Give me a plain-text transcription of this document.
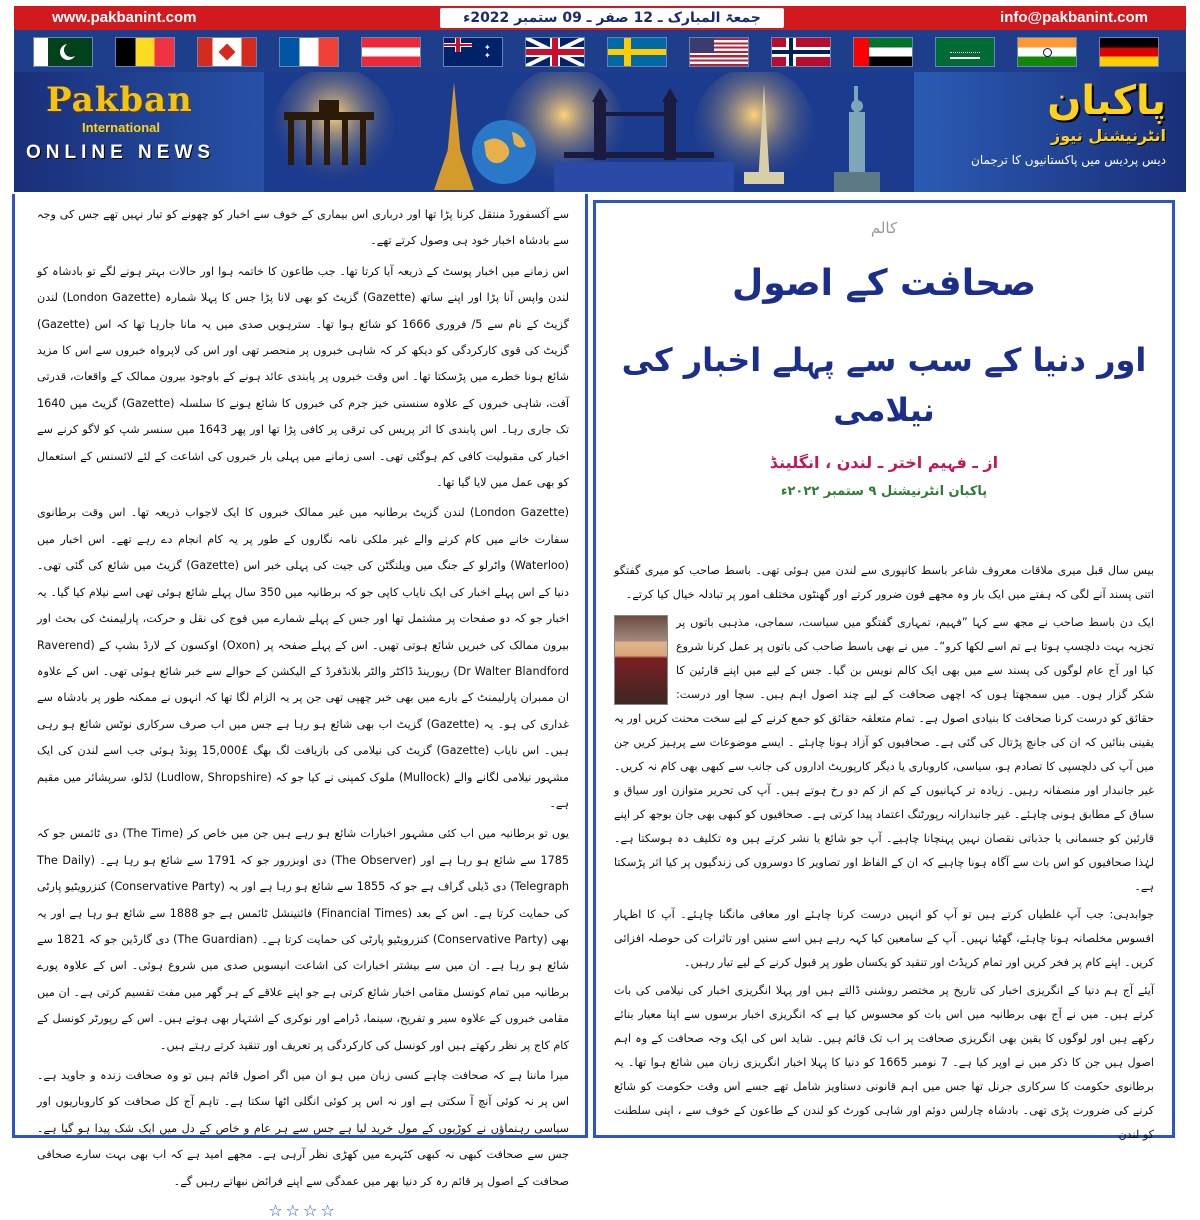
www.pakbanint.com	جمعۃ المبارک ـ 12 صفر ـ 09 ستمبر 2022ء	info@pakbanint.com
✦
✦
Pakban
International
ONLINE NEWS
پاکبان
انٹرنیشنل نیوز
دیس پردیس میں پاکستانیوں کا ترجمان

سے آکسفورڈ منتقل کرنا پڑا تھا اور درباری اس بیماری کے خوف سے اخبار کو چھونے کو تیار نہیں تھے جس کی وجہ سے بادشاہ اخبار خود ہی وصول کرتے تھے۔

اس زمانے میں اخبار پوسٹ کے ذریعہ آیا کرتا تھا۔ جب طاعون کا خاتمہ ہوا اور حالات بہتر ہونے لگے تو بادشاہ کو لندن واپس آنا پڑا اور اپنے ساتھ (Gazette) گزیٹ کو بھی لانا پڑا جس کا پہلا شمارہ (London Gazette) لندن گزیٹ کے نام سے 5/ فروری 1666 کو شائع ہوا تھا۔ سترہویں صدی میں یہ مانا جارہا تھا کہ اس (Gazette) گزیٹ کی قوی کارکردگی کو دیکھ کر کہ شاہی خبروں پر منحصر تھی اور اس کی لاپرواہ خبروں سے اس کا مزید شائع ہونا خطرے میں پڑسکتا تھا۔ اس وقت خبروں پر پابندی عائد ہونے کے باوجود بیرون ممالک کے واقعات، قدرتی آفت، شاہی خبروں کے علاوہ سنسنی خیز جرم کی خبروں کا شائع ہونے کا سلسلہ (Gazette) گزیٹ میں 1640 تک جاری رہا۔ اس پابندی کا اثر پریس کی ترقی پر کافی پڑا تھا اور پھر 1643 میں سنسر شپ کو لاگو کرنے سے اخبار کی مقبولیت کافی کم ہوگئی تھی۔ اسی زمانے میں پہلی بار خبروں کی اشاعت کے لئے لائسنس کے استعمال کو بھی عمل میں لایا گیا تھا۔

(London Gazette) لندن گزیٹ برطانیہ میں غیر ممالک خبروں کا ایک لاجواب ذریعہ تھا۔ اس وقت برطانوی سفارت خانے میں کام کرنے والے غیر ملکی نامہ نگاروں کے طور پر یہ کام انجام دے رہے تھے۔ اس اخبار میں (Waterloo) واٹرلو کے جنگ میں ویلنگٹن کی جیت کی پہلی خبر اس (Gazette) گزیٹ میں شائع کی گئی تھی۔ دنیا کے اس پہلے اخبار کی ایک نایاب کاپی جو کہ برطانیہ میں 350 سال پہلے شائع ہوئی تھی اسے نیلام کیا گیا۔ یہ اخبار جو کہ دو صفحات پر مشتمل تھا اور جس کے پہلے شمارے میں فوج کی نقل و حرکت، پارلیمنٹ کی بحث اور بیرون ممالک کی خبریں شائع ہوتی تھیں۔ اس کے پہلے صفحہ پر (Oxon) اوکسون کے لارڈ بشپ کے (Raverend Dr Walter Blandford) ریورینڈ ڈاکٹر والٹر بلانڈفرڈ کے الیکشن کے حوالے سے خبر شائع ہوئی تھی۔ اس کے علاوہ ان ممبران پارلیمنٹ کے بارے میں بھی خبر چھپی تھی جن پر یہ الزام لگا تھا کہ انہوں نے ممکنہ طور پر بادشاہ سے غداری کی ہو۔ یہ (Gazette) گزیٹ اب بھی شائع ہو رہا ہے جس میں اب صرف سرکاری نوٹس شائع ہو رہی ہیں۔ اس نایاب (Gazette) گزیٹ کی نیلامی کی بازیافت لگ بھگ £15,000 پونڈ ہوئی جب اسے لندن کی ایک مشہور نیلامی لگانے والے (Mullock) ملوک کمپنی نے کیا جو کہ (Ludlow, Shropshire) لڈلو، سرپشائر میں مقیم ہے۔

یوں تو برطانیہ میں اب کئی مشہور اخبارات شائع ہو رہے ہیں جن میں خاص کر (The Time) دی ٹائمس جو کہ 1785 سے شائع ہو رہا ہے اور (The Observer) دی اوبزرور جو کہ 1791 سے شائع ہو رہا ہے۔ (The Daily Telegraph) دی ڈیلی گراف ہے جو کہ 1855 سے شائع ہو رہا ہے اور یہ (Conservative Party) کنزرویٹیو پارٹی کی حمایت کرتا ہے۔ اس کے بعد (Financial Times) فائنینشل ٹائمس ہے جو 1888 سے شائع ہو رہا ہے اور یہ بھی (Conservative Party) کنزرویٹیو پارٹی کی حمایت کرتا ہے۔ (The Guardian) دی گارڈین جو کہ 1821 سے شائع ہو رہا ہے۔ ان میں سے بیشتر اخبارات کی اشاعت انیسویں صدی میں شروع ہوئی۔ اس کے علاوہ پورے برطانیہ میں تمام کونسل مقامی اخبار شائع کرتی ہے جو اپنے علاقے کے ہر گھر میں مفت تقسیم کرتی ہے۔ ان میں مقامی خبروں کے علاوہ سیر و تفریح، سینما، ڈرامے اور نوکری کے اشتہار بھی ہوتے ہیں۔ اس کے رپورٹر کونسل کے کام کاج پر نظر رکھتے ہیں اور کونسل کی کارکردگی پر تعریف اور تنقید کرتے رہتے ہیں۔

میرا ماننا ہے کہ صحافت چاہے کسی زبان میں ہو ان میں اگر اصول قائم ہیں تو وہ صحافت زندہ و جاوید ہے۔ اس پر نہ کوئی آنچ آ سکتی ہے اور نہ اس پر کوئی انگلی اٹھا سکتا ہے۔ تاہم آج کل صحافت کو کاروباریوں اور سیاسی رہنماؤں نے کوڑیوں کے مول خرید لیا ہے جس سے ہر عام و خاص کے دل میں ایک شک پیدا ہو گیا ہے۔ جس سے صحافت کبھی نہ کبھی کٹہرے میں کھڑی نظر آرہی ہے۔ مجھے امید ہے کہ اب بھی بہت سارے صحافی صحافت کے اصول پر قائم رہ کر دنیا بھر میں عمدگی سے اپنے فرائض نبھاتے رہیں گے۔

☆☆☆☆
کالم
صحافت کے اصول
اور دنیا کے سب سے پہلے اخبار کی نیلامی
از ـ فہیم اختر ـ لندن ، انگلینڈ
پاکبان انٹرنیشنل ۹ ستمبر ۲۰۲۲ء

بیس سال قبل میری ملاقات معروف شاعر باسط کانپوری سے لندن میں ہوئی تھی۔ باسط صاحب کو میری گفتگو اتنی پسند آنے لگی کہ ہفتے میں ایک بار وہ مجھے فون ضرور کرتے اور گھنٹوں مختلف امور پر تبادلہ خیال کیا کرتے۔

ایک دن باسط صاحب نے مجھ سے کہا ”فہیم، تمہاری گفتگو میں سیاست، سماجی، مذہبی باتوں پر تجزیہ بہت دلچسپ ہوتا ہے تم اسے لکھا کرو“۔ میں نے بھی باسط صاحب کی باتوں پر عمل کرنا شروع کیا اور آج عام لوگوں کی پسند سے میں بھی ایک کالم نویس بن گیا۔ جس کے لیے میں اپنے قارئین کا شکر گزار ہوں۔ میں سمجھتا ہوں کہ اچھی صحافت کے لیے چند اصول اہم ہیں۔ سچا اور درست: حقائق کو درست کرنا صحافت کا بنیادی اصول ہے۔ تمام متعلقہ حقائق کو جمع کرنے کے لیے سخت محنت کریں اور یہ یقینی بنائیں کہ ان کی جانچ پڑتال کی گئی ہے۔ صحافیوں کو آزاد ہونا چاہئے ۔ ایسے موضوعات سے پرہیز کریں جن میں آپ کی دلچسپی کا تصادم ہو، سیاسی، کاروباری یا دیگر کارپوریٹ اداروں کی جانب سے کبھی بھی کام نہ کریں۔ غیر جانبدار اور منصفانہ رہیں۔ زیادہ تر کہانیوں کے کم از کم دو رخ ہوتے ہیں۔ آپ کی تحریر متوازن اور سیاق و سباق کے مطابق ہونی چاہئے۔ غیر جانبدارانہ رپورٹنگ اعتماد پیدا کرتی ہے۔ صحافیوں کو کبھی بھی جان بوجھ کر اپنے قارئین کو جسمانی یا جذباتی نقصان نہیں پہنچانا چاہیے۔ آپ جو شائع یا نشر کرتے ہیں وہ تکلیف دہ ہوسکتا ہے۔ لہٰذا صحافیوں کو اس بات سے آگاہ ہونا چاہیے کہ ان کے الفاظ اور تصاویر کا دوسروں کی زندگیوں پر کیا اثر پڑسکتا ہے۔

جوابدہی: جب آپ غلطیاں کرتے ہیں تو آپ کو انہیں درست کرنا چاہئے اور معافی مانگنا چاہئے۔ آپ کا اظہار افسوس مخلصانہ ہونا چاہئے، گھٹیا نہیں۔ آپ کے سامعین کیا کہہ رہے ہیں اسے سنیں اور تاثرات کی حوصلہ افزائی کریں۔ اپنے کام پر فخر کریں اور تمام کریڈٹ اور تنقید کو یکساں طور پر قبول کرنے کے لیے تیار رہیں۔

آیئے آج ہم دنیا کے انگریزی اخبار کی تاریخ پر مختصر روشنی ڈالتے ہیں اور پہلا انگریزی اخبار کی نیلامی کی بات کرتے ہیں۔ میں نے آج بھی برطانیہ میں اس بات کو محسوس کیا ہے کہ انگریزی اخبار برسوں سے اپنا معیار بنائے رکھے ہیں اور لوگوں کا یقین بھی انگریزی صحافت پر اب تک قائم ہیں۔ شاید اس کی ایک وجہ صحافت کے وہ اہم اصول ہیں جن کا ذکر میں نے اوپر کیا ہے۔ 7 نومبر 1665 کو دنیا کا پہلا اخبار انگریزی زبان میں شائع ہوا تھا۔ یہ برطانوی حکومت کا سرکاری جرنل تھا جس میں اہم قانونی دستاویز شامل تھے جسے اس وقت حکومت کو شائع کرنے کی ضرورت پڑی تھی۔ بادشاہ چارلس دوئم اور شاہی کورٹ کو لندن کے طاعون کے خوف سے ، اپنی سلطنت کو لندن
